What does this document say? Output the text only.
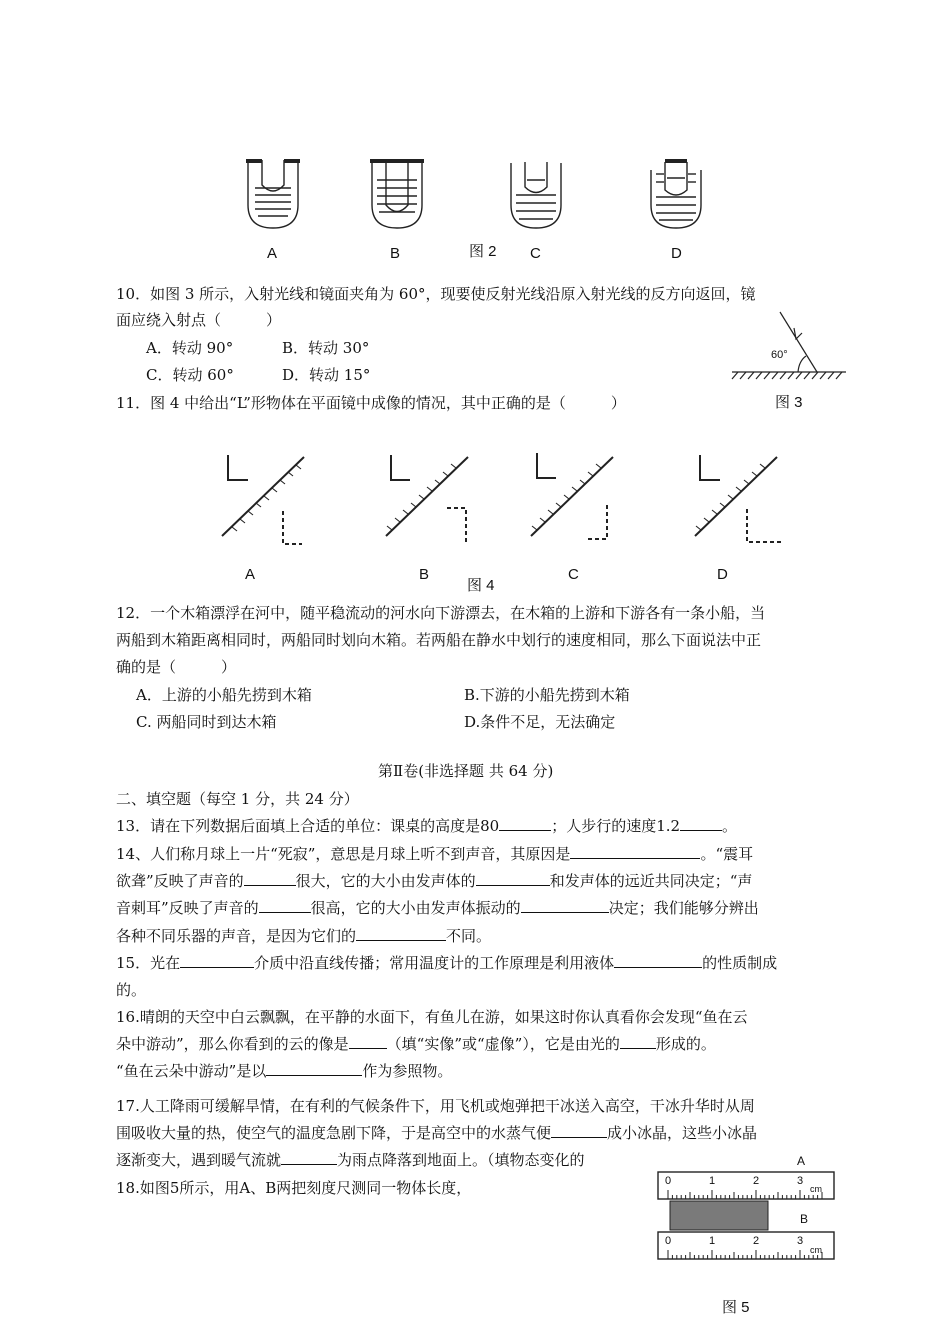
A	B	图 2 C	D
10．如图 3 所示，入射光线和镜面夹角为 60°，现要使反射光线沿原入射光线的反方向返回，镜
面应绕入射点（　　　）
A．转动 90°	B．转动 30°
C．转动 60°	D．转动 15°
60°
图 3
11．图 4 中给出“L”形物体在平面镜中成像的情况，其中正确的是（　　　）
A	B
图 4
C	D
12．一个木箱漂浮在河中，随平稳流动的河水向下游漂去，在木箱的上游和下游各有一条小船，当
两船到木箱距离相同时，两船同时划向木箱。若两船在静水中划行的速度相同，那么下面说法中正
确的是（　　　）
A．上游的小船先捞到木箱	B.下游的小船先捞到木箱
C. 两船同时到达木箱	D.条件不足，无法确定
第Ⅱ卷(非选择题 共 64 分)
二、填空题（每空 1 分，共 24 分）
13．请在下列数据后面填上合适的单位：课桌的高度是80	；人步行的速度1.2	。
14、人们称月球上一片“死寂”，意思是月球上听不到声音，其原因是	。“震耳
欲聋”反映了声音的	很大，它的大小由发声体的	和发声体的远近共同决定；“声
音刺耳”反映了声音的	很高，它的大小由发声体振动的	决定；我们能够分辨出
各种不同乐器的声音，是因为它们的	不同。
15．光在	介质中沿直线传播；常用温度计的工作原理是利用液体	的性质制成
的。
16.晴朗的天空中白云飘飘，在平静的水面下，有鱼儿在游，如果这时你认真看你会发现“鱼在云
朵中游动”，那么你看到的云的像是	（填“实像”或“虚像”），它是由光的 形成的。
“鱼在云朵中游动”是以	作为参照物。
17.人工降雨可缓解旱情，在有利的气候条件下，用飞机或炮弹把干冰送入高空，干冰升华时从周
围吸收大量的热，使空气的温度急剧下降，于是高空中的水蒸气便	成小冰晶，这些小冰晶
逐渐变大，遇到暖气流就	为雨点降落到地面上。（填物态变化的
18.如图5所示，用A、B两把刻度尺测同一物体长度，
A
B
0	1	2	3
cm
0	1	2	3
cm
图 5
